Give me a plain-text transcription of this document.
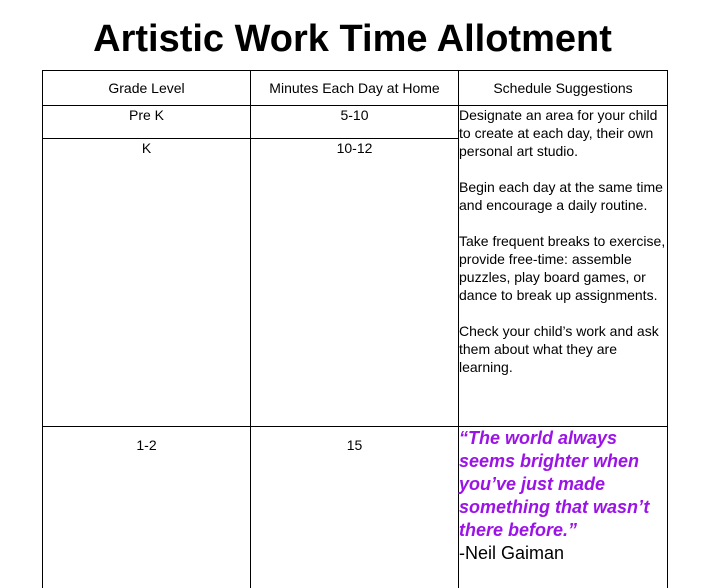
Artistic Work Time Allotment
Grade Level	Minutes Each Day at Home	Schedule Suggestions
Pre K	5-10	Designate an area for your child to create at each day, their own personal art studio.

Begin each day at the same time and encourage a daily routine.

Take frequent breaks to exercise, provide free-time: assemble puzzles, play board games, or dance to break up assignments.

Check your child’s work and ask them about what they are learning.

K	10-12	
1-2	15	“The world always seems brighter when you’ve just made something that wasn’t there before.”
-Neil Gaiman
